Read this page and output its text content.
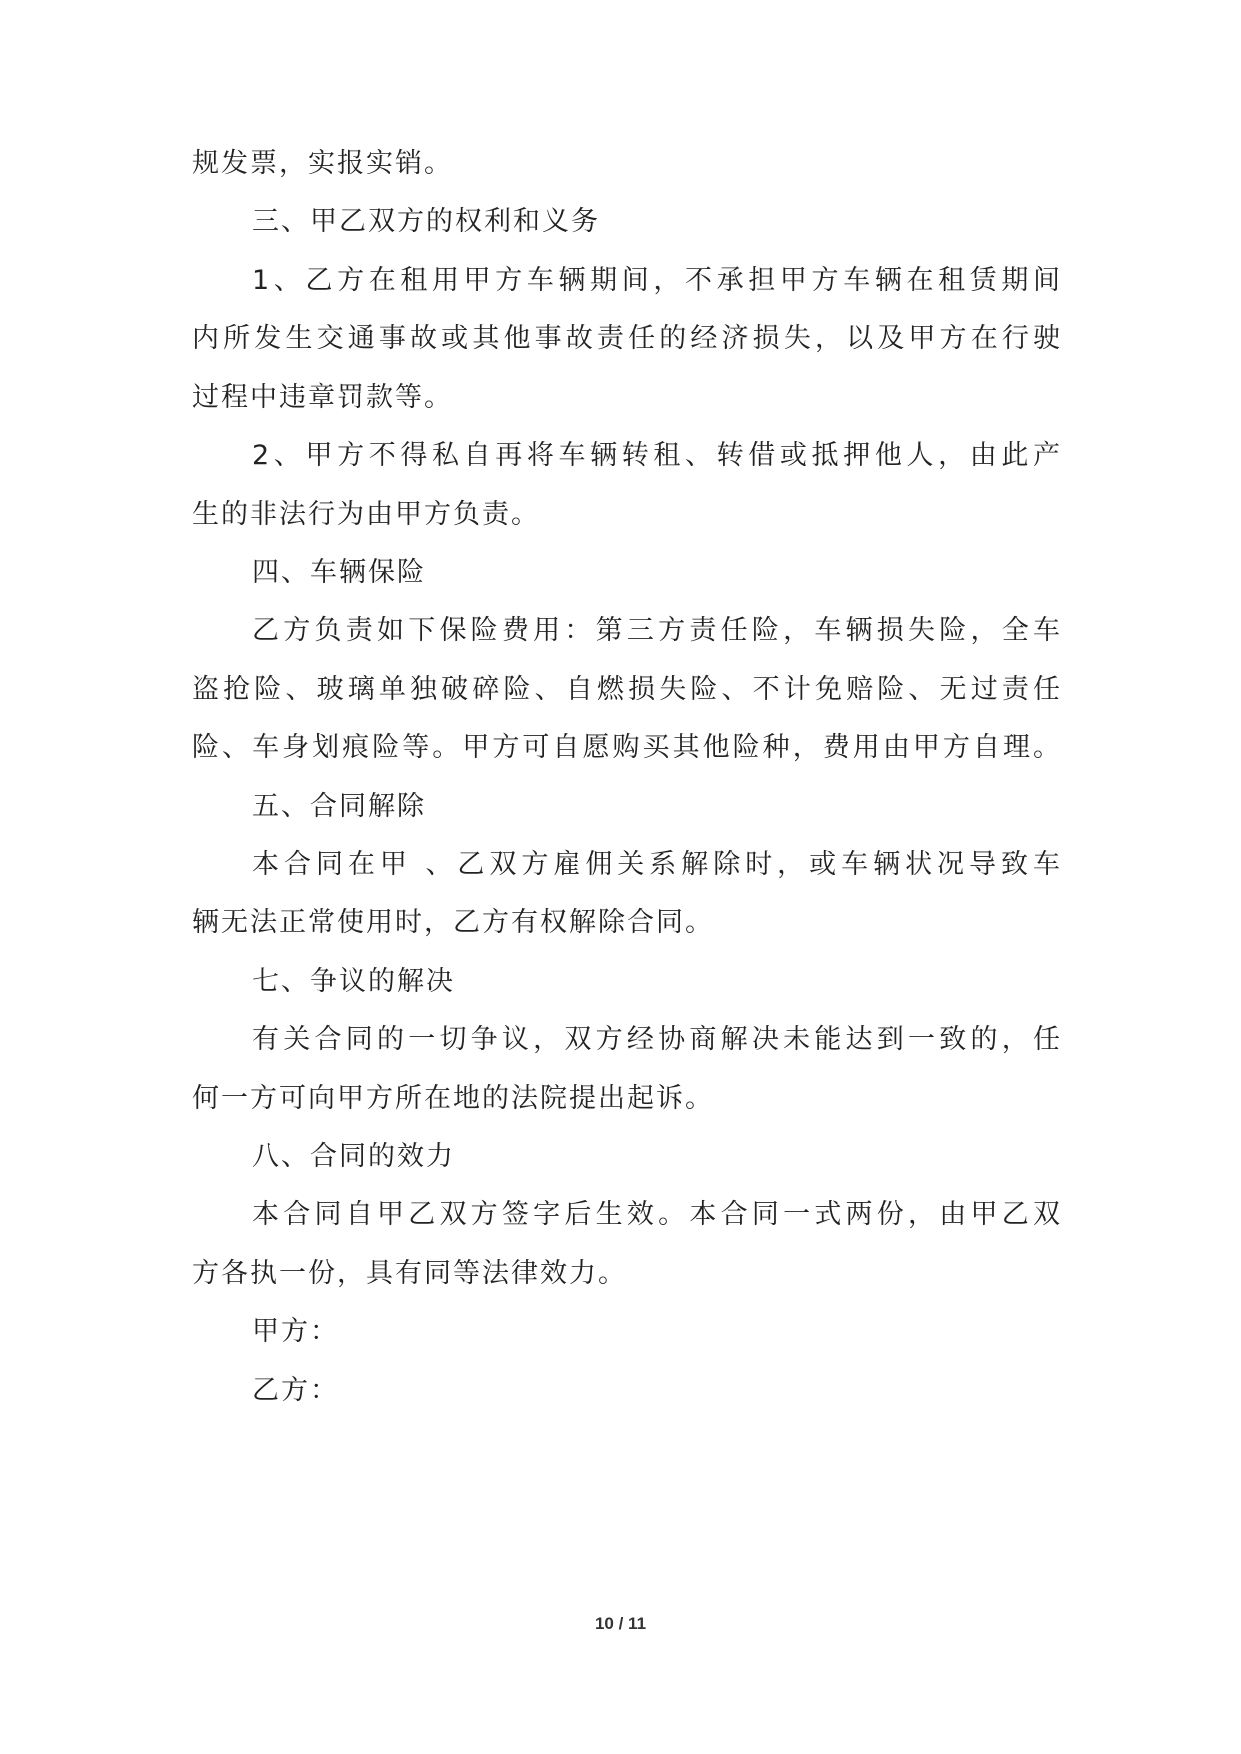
规发票，实报实销。
三、甲乙双方的权利和义务
1、乙方在租用甲方车辆期间，不承担甲方车辆在租赁期间
内所发生交通事故或其他事故责任的经济损失，以及甲方在行驶
过程中违章罚款等。
2、甲方不得私自再将车辆转租、转借或抵押他人，由此产
生的非法行为由甲方负责。
四、车辆保险
乙方负责如下保险费用：第三方责任险，车辆损失险，全车
盗抢险、玻璃单独破碎险、自燃损失险、不计免赔险、无过责任
险、车身划痕险等。甲方可自愿购买其他险种，费用由甲方自理。
五、合同解除
本合同在甲 、乙双方雇佣关系解除时，或车辆状况导致车
辆无法正常使用时，乙方有权解除合同。
七、争议的解决
有关合同的一切争议，双方经协商解决未能达到一致的，任
何一方可向甲方所在地的法院提出起诉。
八、合同的效力
本合同自甲乙双方签字后生效。本合同一式两份，由甲乙双
方各执一份，具有同等法律效力。
甲方：
乙方：
10 / 11
